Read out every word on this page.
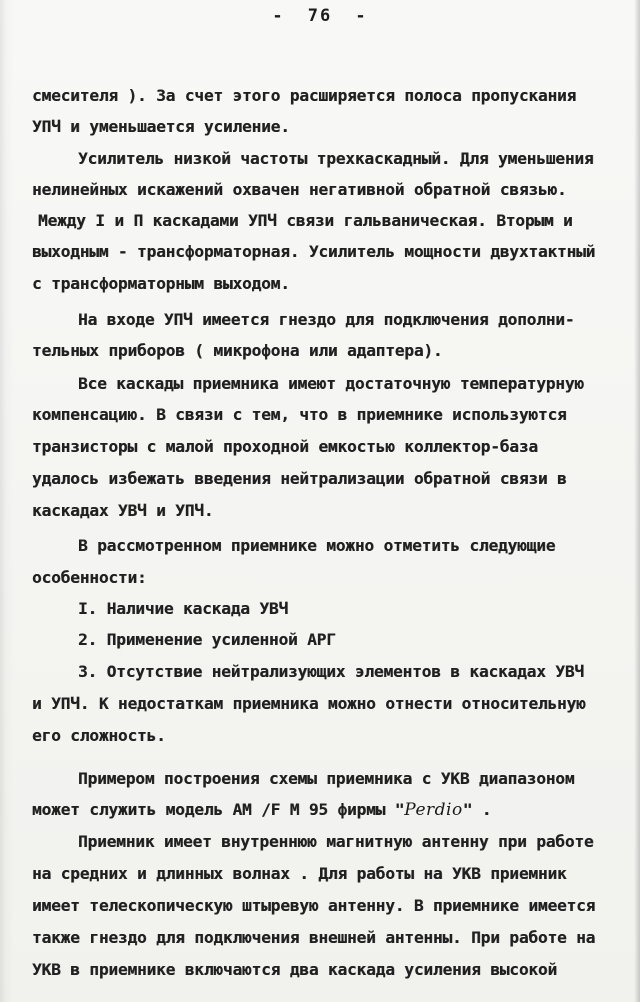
- 76 -
смесителя ). За счет этого расширяется полоса пропускания
УПЧ и уменьшается усиление.
Усилитель низкой частоты трехкаскадный. Для уменьшения
нелинейных искажений охвачен негативной обратной связью.
Между I и П каскадами УПЧ связи гальваническая. Вторым и
выходным - трансформаторная. Усилитель мощности двухтактный
с трансформаторным выходом.
На входе УПЧ имеется гнездо для подключения дополни-
тельных приборов ( микрофона или адаптера).
Все каскады приемника имеют достаточную температурную
компенсацию. В связи с тем, что в приемнике используются
транзисторы с малой проходной емкостью коллектор-база
удалось избежать введения нейтрализации обратной связи в
каскадах УВЧ и УПЧ.
В рассмотренном приемнике можно отметить следующие
особенности:
I. Наличие каскада УВЧ
2. Применение усиленной АРГ
3. Отсутствие нейтрализующих элементов в каскадах УВЧ
и УПЧ. К недостаткам приемника можно отнести относительную
его сложность.
Примером построения схемы приемника с УКВ диапазоном
может служить модель АМ /F М 95 фирмы "Perdio" .
Приемник имеет внутреннюю магнитную антенну при работе
на средних и длинных волнах . Для работы на УКВ приемник
имеет телескопическую штыревую антенну. В приемнике имеется
также гнездо для подключения внешней антенны. При работе на
УКВ в приемнике включаются два каскада усиления высокой
